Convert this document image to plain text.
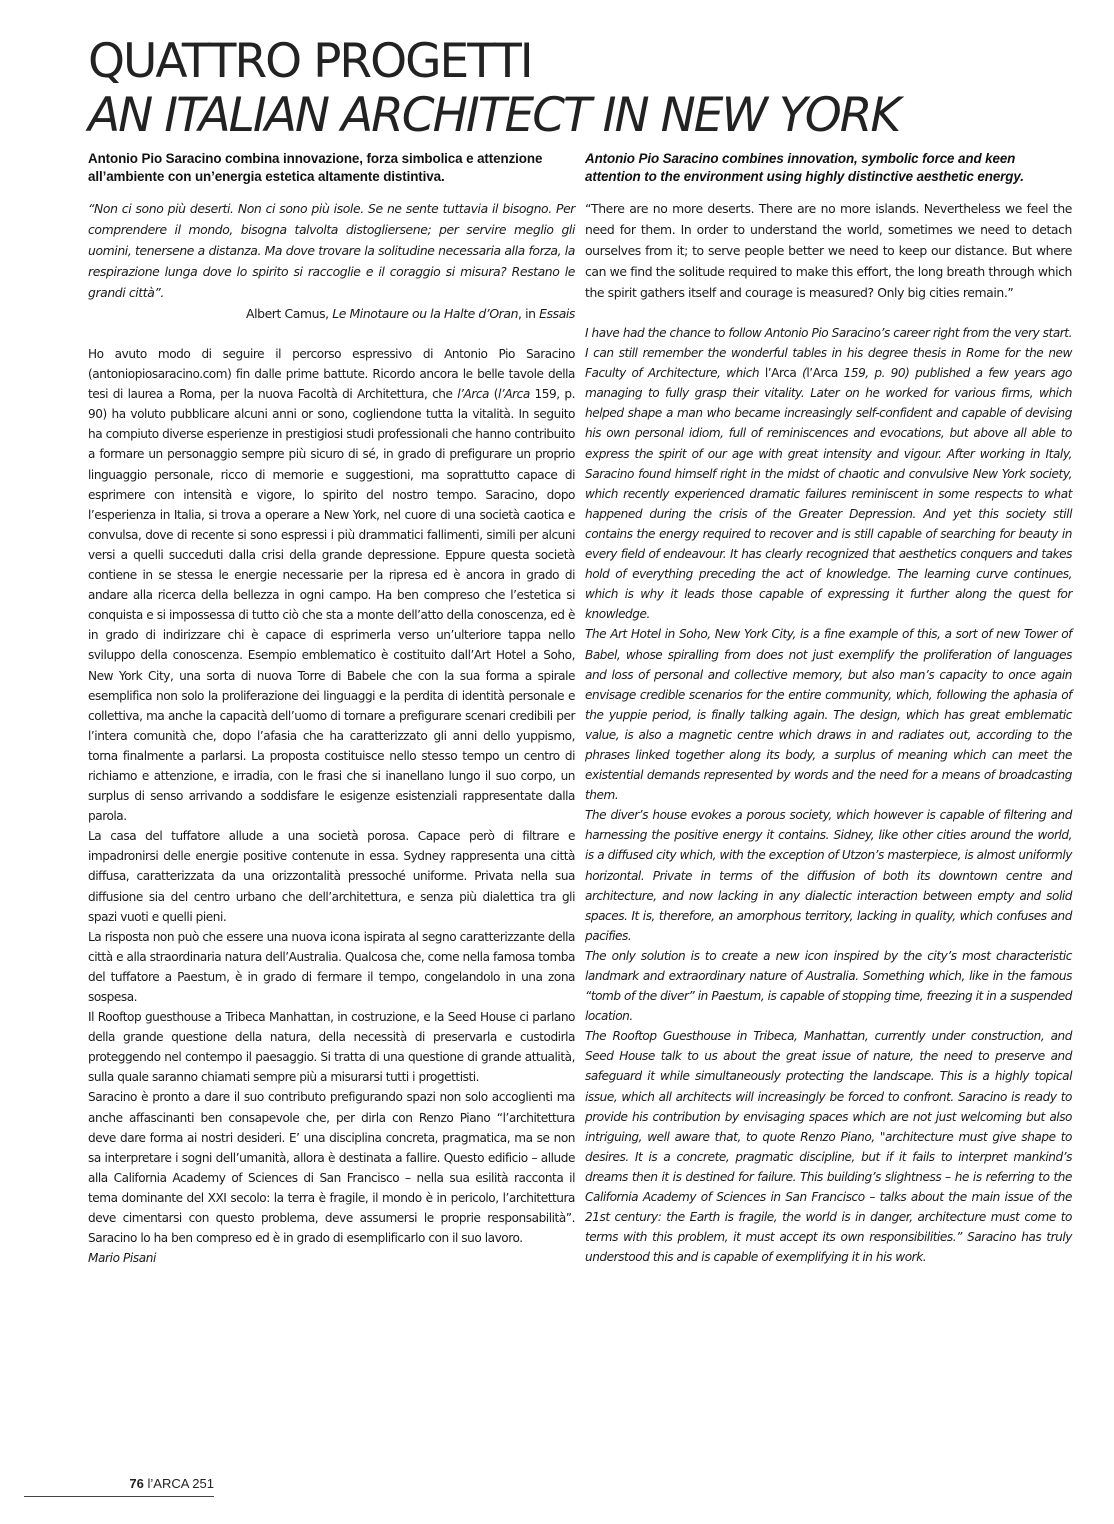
QUATTRO PROGETTI
AN ITALIAN ARCHITECT IN NEW YORK

Antonio Pio Saracino combina innovazione, forza simbolica e attenzione all’ambiente con un’energia estetica altamente distintiva.

“Non ci sono più deserti. Non ci sono più isole. Se ne sente tuttavia il bisogno. Per comprendere il mondo, bisogna talvolta distogliersene; per servire meglio gli uomini, tenersene a distanza. Ma dove trovare la solitudine necessaria alla forza, la respirazione lunga dove lo spirito si raccoglie e il coraggio si misura? Restano le grandi città”.

Albert Camus, Le Minotaure ou la Halte d’Oran, in Essais

Ho avuto modo di seguire il percorso espressivo di Antonio Pio Saracino (antoniopiosaracino.com) fin dalle prime battute. Ricordo ancora le belle tavole della tesi di laurea a Roma, per la nuova Facoltà di Architettura, che l’Arca (l’Arca 159, p. 90) ha voluto pubblicare alcuni anni or sono, cogliendone tutta la vitalità. In seguito ha compiuto diverse esperienze in prestigiosi studi professionali che hanno contribuito a formare un personaggio sempre più sicuro di sé, in grado di prefigurare un proprio linguaggio personale, ricco di memorie e suggestioni, ma soprattutto capace di esprimere con intensità e vigore, lo spirito del nostro tempo. Saracino, dopo l’esperienza in Italia, si trova a operare a New York, nel cuore di una società caotica e convulsa, dove di recente si sono espressi i più drammatici fallimenti, simili per alcuni versi a quelli succeduti dalla crisi della grande depressione. Eppure questa società contiene in se stessa le energie necessarie per la ripresa ed è ancora in grado di andare alla ricerca della bellezza in ogni campo. Ha ben compreso che l’estetica si conquista e si impossessa di tutto ciò che sta a monte dell’atto della conoscenza, ed è in grado di indirizzare chi è capace di esprimerla verso un’ulteriore tappa nello sviluppo della conoscenza. Esempio emblematico è costituito dall’Art Hotel a Soho, New York City, una sorta di nuova Torre di Babele che con la sua forma a spirale esemplifica non solo la proliferazione dei linguaggi e la perdita di identità personale e collettiva, ma anche la capacità dell’uomo di tornare a prefigurare scenari credibili per l’intera comunità che, dopo l’afasia che ha caratterizzato gli anni dello yuppismo, torna finalmente a parlarsi. La proposta costituisce nello stesso tempo un centro di richiamo e attenzione, e irradia, con le frasi che si inanellano lungo il suo corpo, un surplus di senso arrivando a soddisfare le esigenze esistenziali rappresentate dalla parola.

La casa del tuffatore allude a una società porosa. Capace però di filtrare e impadronirsi delle energie positive contenute in essa. Sydney rappresenta una città diffusa, caratterizzata da una orizzontalità pressoché uniforme. Privata nella sua diffusione sia del centro urbano che dell’architettura, e senza più dialettica tra gli spazi vuoti e quelli pieni.

La risposta non può che essere una nuova icona ispirata al segno caratterizzante della città e alla straordinaria natura dell’Australia. Qualcosa che, come nella famosa tomba del tuffatore a Paestum, è in grado di fermare il tempo, congelandolo in una zona sospesa.

Il Rooftop guesthouse a Tribeca Manhattan, in costruzione, e la Seed House ci parlano della grande questione della natura, della necessità di preservarla e custodirla proteggendo nel contempo il paesaggio. Si tratta di una questione di grande attualità, sulla quale saranno chiamati sempre più a misurarsi tutti i progettisti.

Saracino è pronto a dare il suo contributo prefigurando spazi non solo accoglienti ma anche affascinanti ben consapevole che, per dirla con Renzo Piano “l’architettura deve dare forma ai nostri desideri. E’ una disciplina concreta, pragmatica, ma se non sa interpretare i sogni dell’umanità, allora è destinata a fallire. Questo edificio – allude alla California Academy of Sciences di San Francisco – nella sua esilità racconta il tema dominante del XXI secolo: la terra è fragile, il mondo è in pericolo, l’architettura deve cimentarsi con questo problema, deve assumersi le proprie responsabilità”. Saracino lo ha ben compreso ed è in grado di esemplificarlo con il suo lavoro.

Mario Pisani

Antonio Pio Saracino combines innovation, symbolic force and keen attention to the environment using highly distinctive aesthetic energy.

“There are no more deserts. There are no more islands. Nevertheless we feel the need for them. In order to understand the world, sometimes we need to detach ourselves from it; to serve people better we need to keep our distance. But where can we find the solitude required to make this effort, the long breath through which the spirit gathers itself and courage is measured? Only big cities remain.”

I have had the chance to follow Antonio Pio Saracino’s career right from the very start. I can still remember the wonderful tables in his degree thesis in Rome for the new Faculty of Architecture, which l’Arca (l’Arca 159, p. 90) published a few years ago managing to fully grasp their vitality. Later on he worked for various firms, which helped shape a man who became increasingly self-confident and capable of devising his own personal idiom, full of reminiscences and evocations, but above all able to express the spirit of our age with great intensity and vigour. After working in Italy, Saracino found himself right in the midst of chaotic and convulsive New York society, which recently experienced dramatic failures reminiscent in some respects to what happened during the crisis of the Greater Depression. And yet this society still contains the energy required to recover and is still capable of searching for beauty in every field of endeavour. It has clearly recognized that aesthetics conquers and takes hold of everything preceding the act of knowledge. The learning curve continues, which is why it leads those capable of expressing it further along the quest for knowledge.

The Art Hotel in Soho, New York City, is a fine example of this, a sort of new Tower of Babel, whose spiralling from does not just exemplify the proliferation of languages and loss of personal and collective memory, but also man’s capacity to once again envisage credible scenarios for the entire community, which, following the aphasia of the yuppie period, is finally talking again. The design, which has great emblematic value, is also a magnetic centre which draws in and radiates out, according to the phrases linked together along its body, a surplus of meaning which can meet the existential demands represented by words and the need for a means of broadcasting them.

The diver’s house evokes a porous society, which however is capable of filtering and harnessing the positive energy it contains. Sidney, like other cities around the world, is a diffused city which, with the exception of Utzon’s masterpiece, is almost uniformly horizontal. Private in terms of the diffusion of both its downtown centre and architecture, and now lacking in any dialectic interaction between empty and solid spaces. It is, therefore, an amorphous territory, lacking in quality, which confuses and pacifies.

The only solution is to create a new icon inspired by the city’s most characteristic landmark and extraordinary nature of Australia. Something which, like in the famous “tomb of the diver” in Paestum, is capable of stopping time, freezing it in a suspended location.

The Rooftop Guesthouse in Tribeca, Manhattan, currently under construction, and Seed House talk to us about the great issue of nature, the need to preserve and safeguard it while simultaneously protecting the landscape. This is a highly topical issue, which all architects will increasingly be forced to confront. Saracino is ready to provide his contribution by envisaging spaces which are not just welcoming but also intriguing, well aware that, to quote Renzo Piano, "architecture must give shape to desires. It is a concrete, pragmatic discipline, but if it fails to interpret mankind’s dreams then it is destined for failure. This building’s slightness – he is referring to the California Academy of Sciences in San Francisco – talks about the main issue of the 21st century: the Earth is fragile, the world is in danger, architecture must come to terms with this problem, it must accept its own responsibilities.” Saracino has truly understood this and is capable of exemplifying it in his work.

76 l’ARCA 251
